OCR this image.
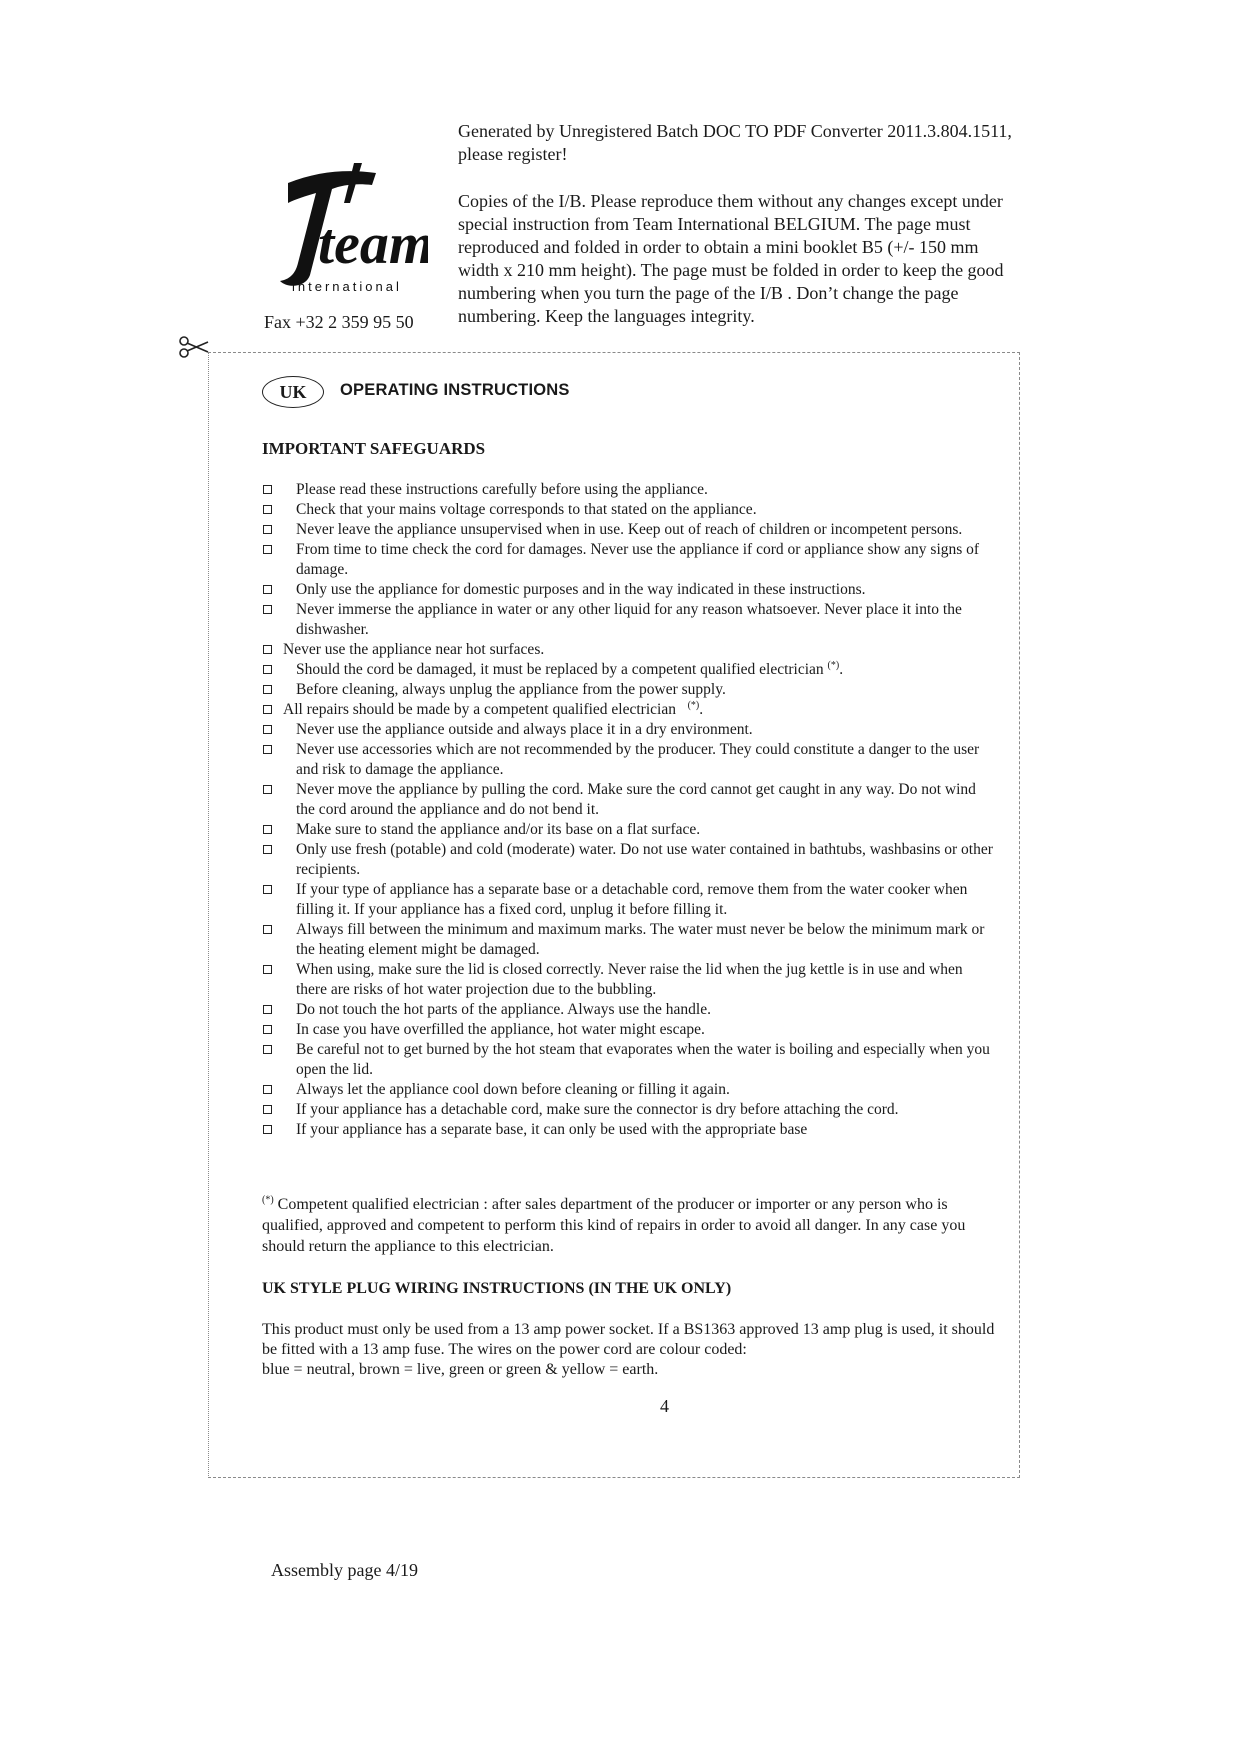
Generated by Unregistered Batch DOC TO PDF Converter 2011.3.804.1511, please register!
Copies of the I/B. Please reproduce them without any changes except under special instruction from Team International BELGIUM. The page must reproduced and folded in order to obtain a mini booklet B5 (+/- 150 mm width x 210 mm height). The page must be folded in order to keep the good numbering when you turn the page of the I/B . Don’t change the page numbering. Keep the languages integrity.
team
international
Fax +32 2 359 95 50
UK	OPERATING INSTRUCTIONS
IMPORTANT SAFEGUARDS
Please read these instructions carefully before using the appliance.
Check that your mains voltage corresponds to that stated on the appliance.
Never leave the appliance unsupervised when in use. Keep out of reach of children or incompetent persons.
From time to time check the cord for damages. Never use the appliance if cord or appliance show any signs of damage.
Only use the appliance for domestic purposes and in the way indicated in these instructions.
Never immerse the appliance in water or any other liquid for any reason whatsoever. Never place it into the dishwasher.
Never use the appliance near hot surfaces.
Should the cord be damaged, it must be replaced by a competent qualified electrician (*).
Before cleaning, always unplug the appliance from the power supply.
All repairs should be made by a competent qualified electrician (*).
Never use the appliance outside and always place it in a dry environment.
Never use accessories which are not recommended by the producer. They could constitute a danger to the user and risk to damage the appliance.
Never move the appliance by pulling the cord. Make sure the cord cannot get caught in any way. Do not wind the cord around the appliance and do not bend it.
Make sure to stand the appliance and/or its base on a flat surface.
Only use fresh (potable) and cold (moderate) water. Do not use water contained in bathtubs, washbasins or other recipients.
If your type of appliance has a separate base or a detachable cord, remove them from the water cooker when filling it. If your appliance has a fixed cord, unplug it before filling it.
Always fill between the minimum and maximum marks. The water must never be below the minimum mark or the heating element might be damaged.
When using, make sure the lid is closed correctly. Never raise the lid when the jug kettle is in use and when there are risks of hot water projection due to the bubbling.
Do not touch the hot parts of the appliance. Always use the handle.
In case you have overfilled the appliance, hot water might escape.
Be careful not to get burned by the hot steam that evaporates when the water is boiling and especially when you open the lid.
Always let the appliance cool down before cleaning or filling it again.
If your appliance has a detachable cord, make sure the connector is dry before attaching the cord.
If your appliance has a separate base, it can only be used with the appropriate base
(*) Competent qualified electrician : after sales department of the producer or importer or any person who is qualified, approved and competent to perform this kind of repairs in order to avoid all danger. In any case you should return the appliance to this electrician.
UK STYLE PLUG WIRING INSTRUCTIONS (IN THE UK ONLY)
This product must only be used from a 13 amp power socket. If a BS1363 approved 13 amp plug is used, it should be fitted with a 13 amp fuse. The wires on the power cord are colour coded:
blue = neutral, brown = live, green or green & yellow = earth.
4
Assembly page 4/19
